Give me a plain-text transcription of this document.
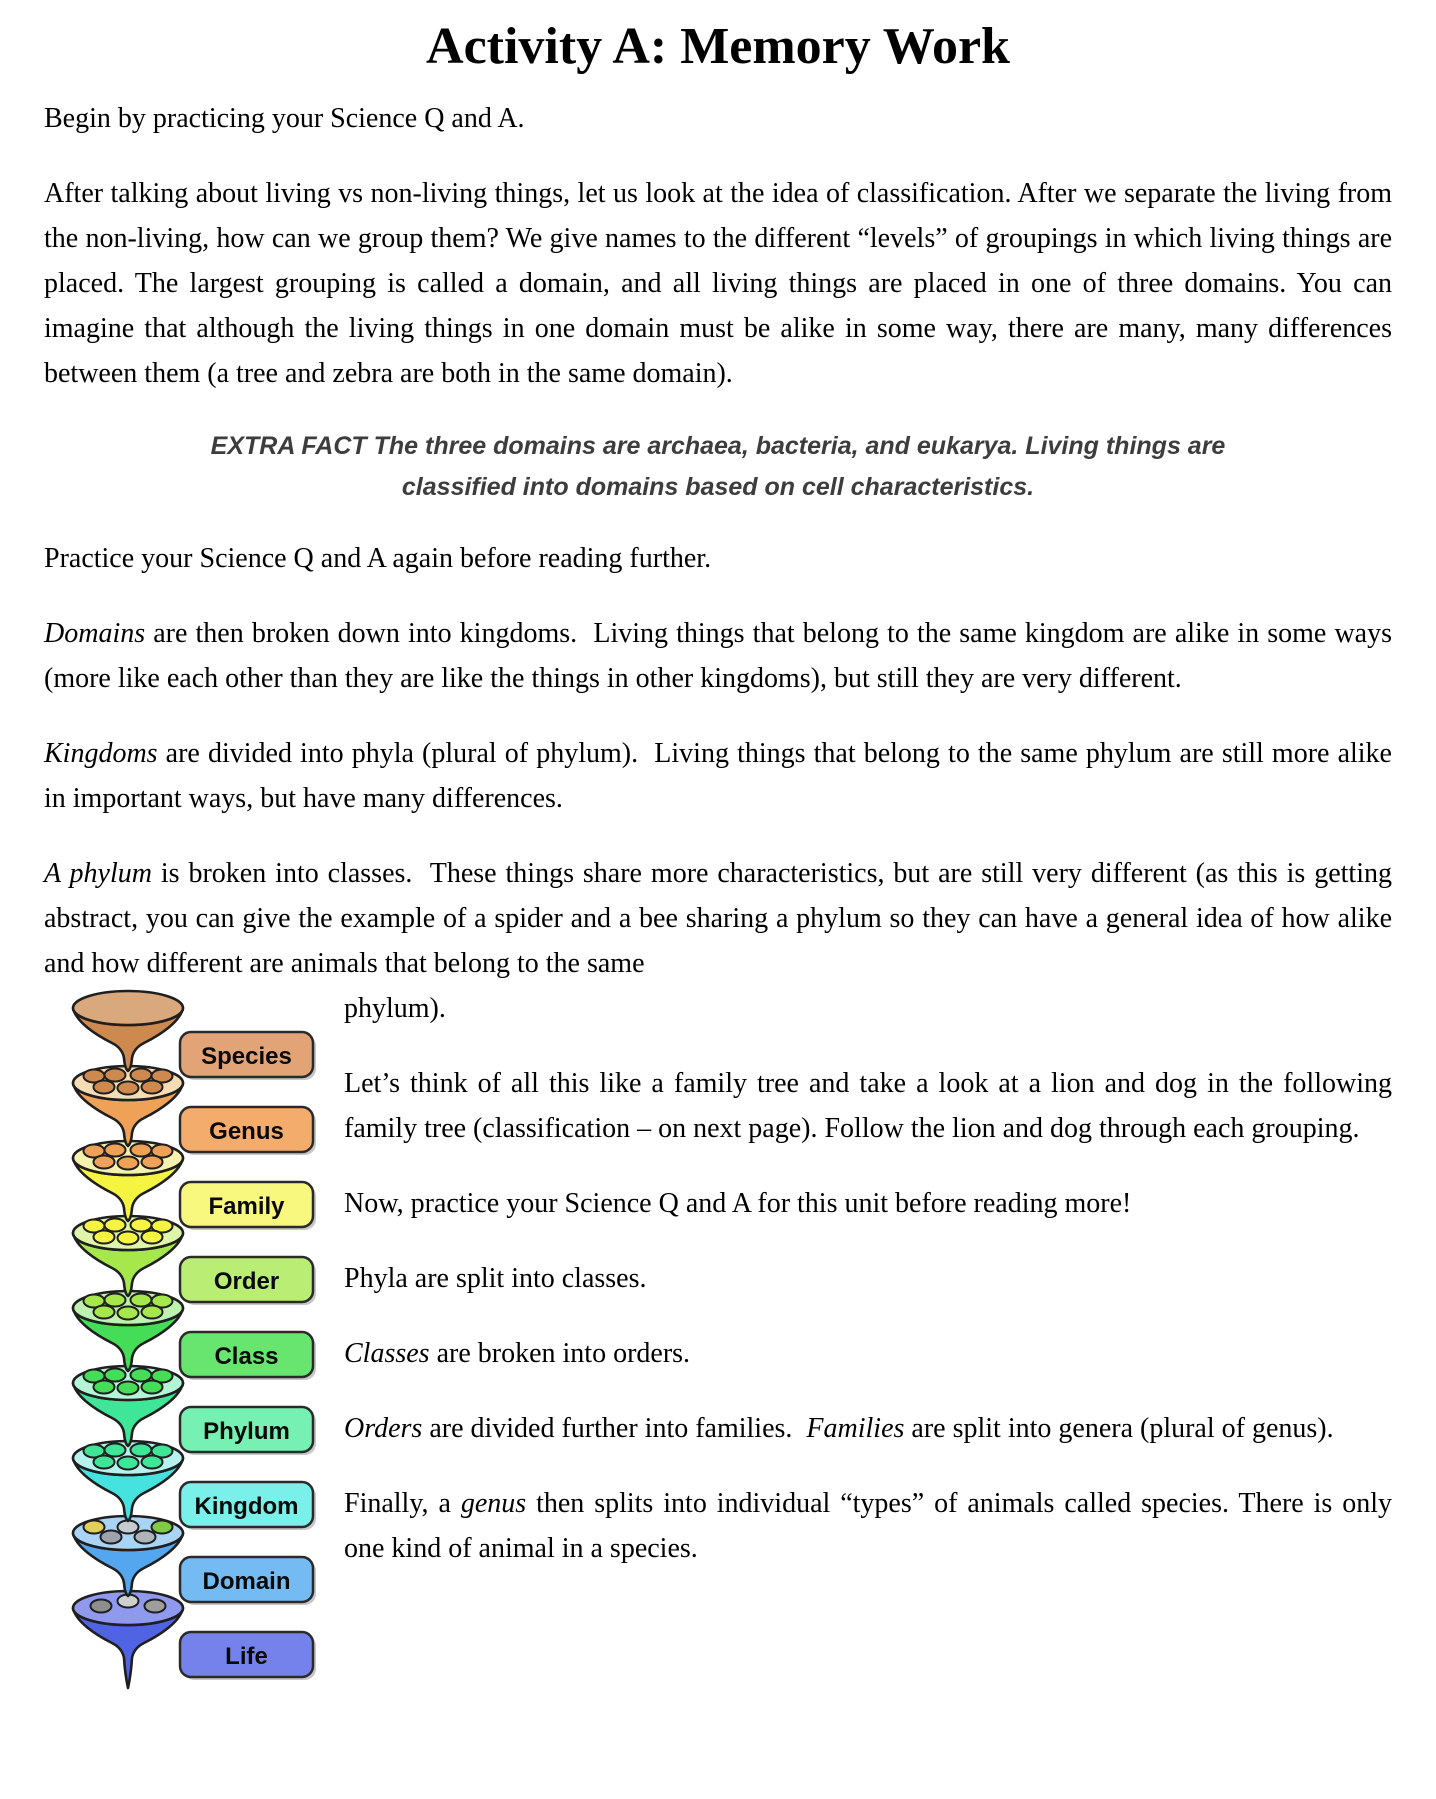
Activity A: Memory Work

Begin by practicing your Science Q and A.

After talking about living vs non-living things, let us look at the idea of classification. After we separate the living from the non-living, how can we group them? We give names to the different “levels” of groupings in which living things are placed. The largest grouping is called a domain, and all living things are placed in one of three domains. You can imagine that although the living things in one domain must be alike in some way, there are many, many differences between them (a tree and zebra are both in the same domain).

EXTRA FACT The three domains are archaea, bacteria, and eukarya. Living things are classified into domains based on cell characteristics.

Practice your Science Q and A again before reading further.

Domains are then broken down into kingdoms.  Living things that belong to the same kingdom are alike in some ways (more like each other than they are like the things in other kingdoms), but still they are very different.

Kingdoms are divided into phyla (plural of phylum).  Living things that belong to the same phylum are still more alike in important ways, but have many differences.

A phylum is broken into classes.  These things share more characteristics, but are still very different (as this is getting abstract, you can give the example of a spider and a bee sharing a phylum so they can have a general idea of how alike and how different are animals that belong to the same

Life
Domain
Kingdom
Phylum
Class
Order
Family
Genus
Species

phylum).

Let’s think of all this like a family tree and take a look at a lion and dog in the following family tree (classification – on next page). Follow the lion and dog through each grouping.

Now, practice your Science Q and A for this unit before reading more!

Phyla are split into classes.

Classes are broken into orders.

Orders are divided further into families.  Families are split into genera (plural of genus).

Finally, a genus then splits into individual “types” of animals called species. There is only one kind of animal in a species.
